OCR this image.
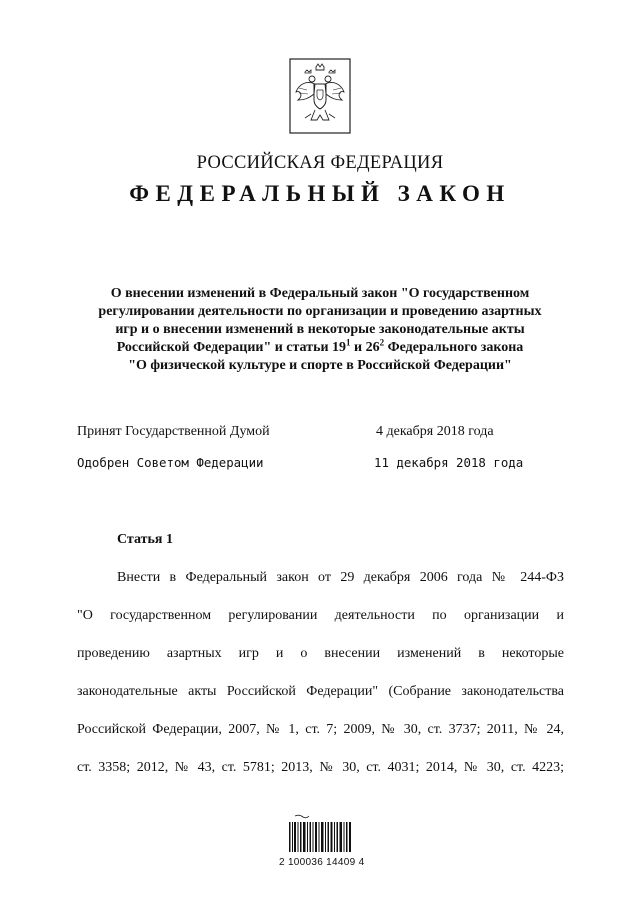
РОССИЙСКАЯ ФЕДЕРАЦИЯ
ФЕДЕРАЛЬНЫЙ ЗАКОН
О внесении изменений в Федеральный закон "О государственном
регулировании деятельности по организации и проведению азартных
игр и о внесении изменений в некоторые законодательные акты
Российской Федерации" и статьи $19^1$ и $26^2$ Федерального закона
"О физической культуре и спорте в Российской Федерации"
Принят Государственной Думой	4 декабря 2018 года
Одобрен Советом Федерации	11 декабря 2018 года
Статья 1
Внести в Федеральный закон от 29 декабря 2006 года № 244-ФЗ
"О государственном регулировании деятельности по организации и
проведению азартных игр и о внесении изменений в некоторые
законодательные акты Российской Федерации" (Собрание законодательства
Российской Федерации, 2007, № 1, ст. 7; 2009, № 30, ст. 3737; 2011, № 24,
ст. 3358; 2012, № 43, ст. 5781; 2013, № 30, ст. 4031; 2014, № 30, ст. 4223;
2 100036 14409 4
